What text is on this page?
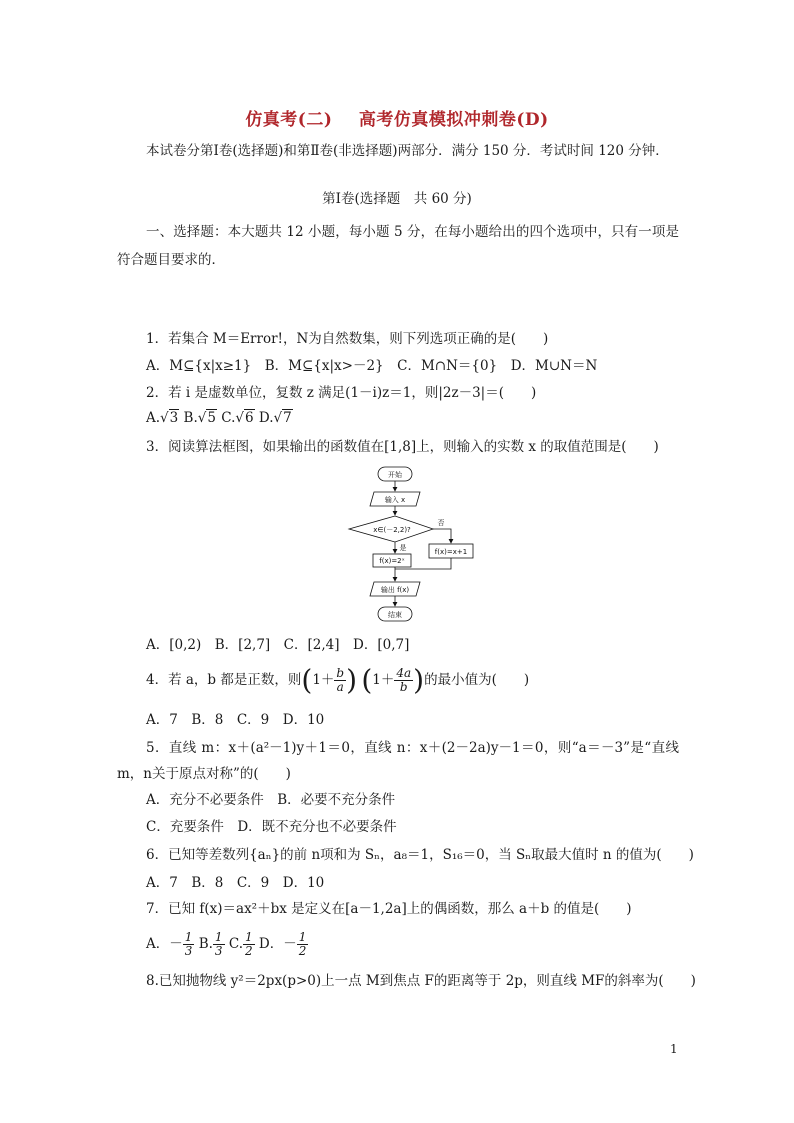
仿真考(二) 高考仿真模拟冲刺卷(D)
本试卷分第Ⅰ卷(选择题)和第Ⅱ卷(非选择题)两部分．满分 150 分．考试时间 120 分钟．
第Ⅰ卷(选择题　共 60 分)
一、选择题：本大题共 12 小题，每小题 5 分，在每小题给出的四个选项中，只有一项是符合题目要求的．
1．若集合 M＝Error!，N为自然数集，则下列选项正确的是(　　)
A．M⊆{x|x≥1}　B．M⊆{x|x>－2}　C．M∩N＝{0}　D．M∪N＝N
2．若 i 是虚数单位，复数 z 满足(1－i)z＝1，则|2z－3|＝(　　)
A.√3 B.√5 C.√6 D.√7
3．阅读算法框图，如果输出的函数值在[1,8]上，则输入的实数 x 的取值范围是(　　)
开始
输入 x
x∈(－2,2)?
否
f(x)=x+1
是
f(x)=2ˣ
输出 f(x)
结束
A．[0,2)　B．[2,7]　C．[2,4]　D．[0,7]
4．若 a，b 都是正数，则($1+ \frac{b}{a}$ ) ($1+ \frac{4a}{b}$ )的最小值为(　　)
A．7　B．8　C．9　D．10
5．直线 m：x＋(a²－1)y＋1＝0，直线 n：x＋(2－2a)y－1＝0，则“a＝－3”是“直线m，n关于原点对称”的(　　)
A．充分不必要条件　B．必要不充分条件
C．充要条件　D．既不充分也不必要条件
6．已知等差数列{aₙ}的前 n项和为 Sₙ，a₈＝1，S₁₆＝0，当 Sₙ取最大值时 n 的值为(　　)
A．7　B．8　C．9　D．10
7．已知 f(x)＝ax²＋bx 是定义在[a－1,2a]上的偶函数，那么 a＋b 的值是(　　)
A．－ $\frac{1}{3} B$. $\frac{1}{3} C$. $\frac{1}{2}$ D．－ $\frac{1}{2}$
8.已知抛物线 y²＝2px(p>0)上一点 M到焦点 F的距离等于 2p，则直线 MF的斜率为(　　)
1
